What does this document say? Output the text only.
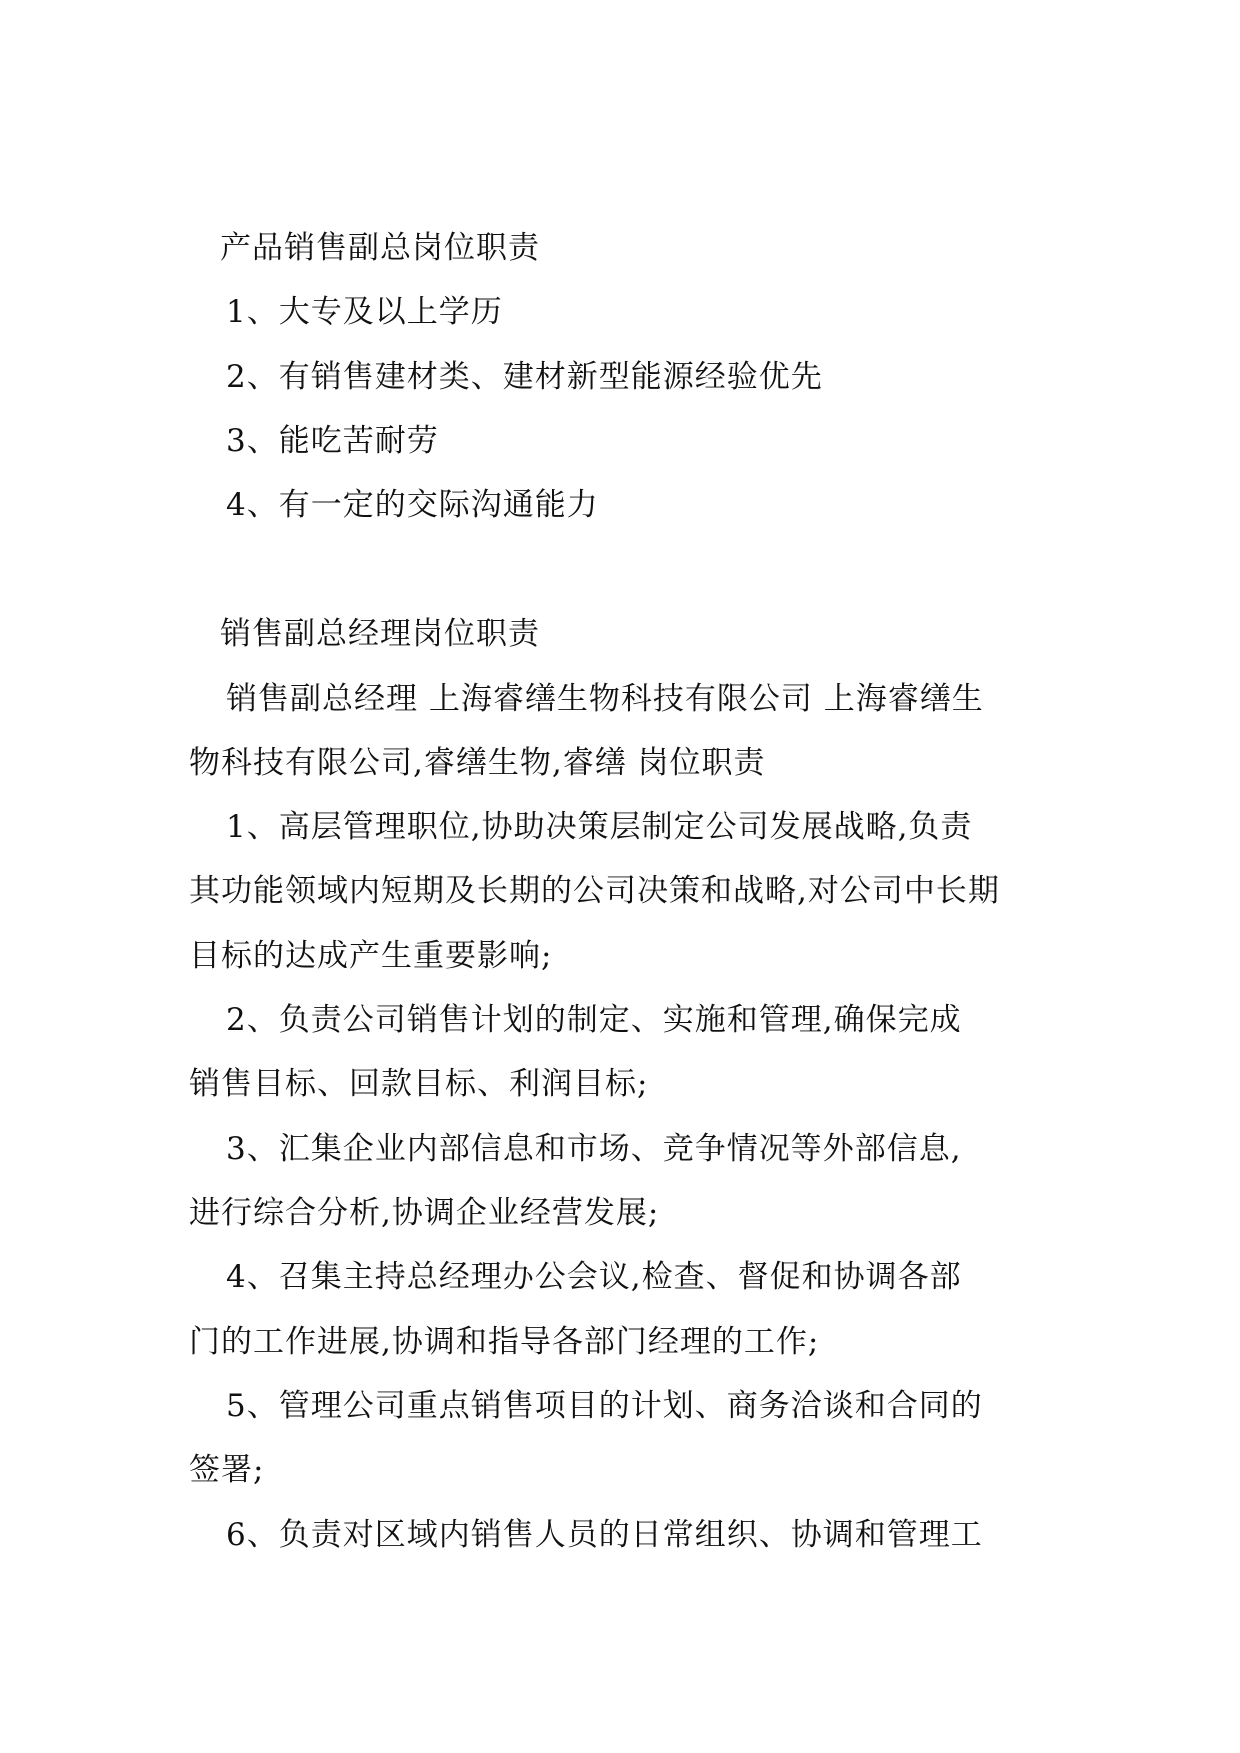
产品销售副总岗位职责
1、大专及以上学历
2、有销售建材类、建材新型能源经验优先
3、能吃苦耐劳
4、有一定的交际沟通能力
销售副总经理岗位职责
销售副总经理 上海睿缮生物科技有限公司 上海睿缮生
物科技有限公司,睿缮生物,睿缮 岗位职责
1、高层管理职位,协助决策层制定公司发展战略,负责
其功能领域内短期及长期的公司决策和战略,对公司中长期
目标的达成产生重要影响;
2、负责公司销售计划的制定、实施和管理,确保完成
销售目标、回款目标、利润目标;
3、汇集企业内部信息和市场、竞争情况等外部信息,
进行综合分析,协调企业经营发展;
4、召集主持总经理办公会议,检查、督促和协调各部
门的工作进展,协调和指导各部门经理的工作;
5、管理公司重点销售项目的计划、商务洽谈和合同的
签署;
6、负责对区域内销售人员的日常组织、协调和管理工
